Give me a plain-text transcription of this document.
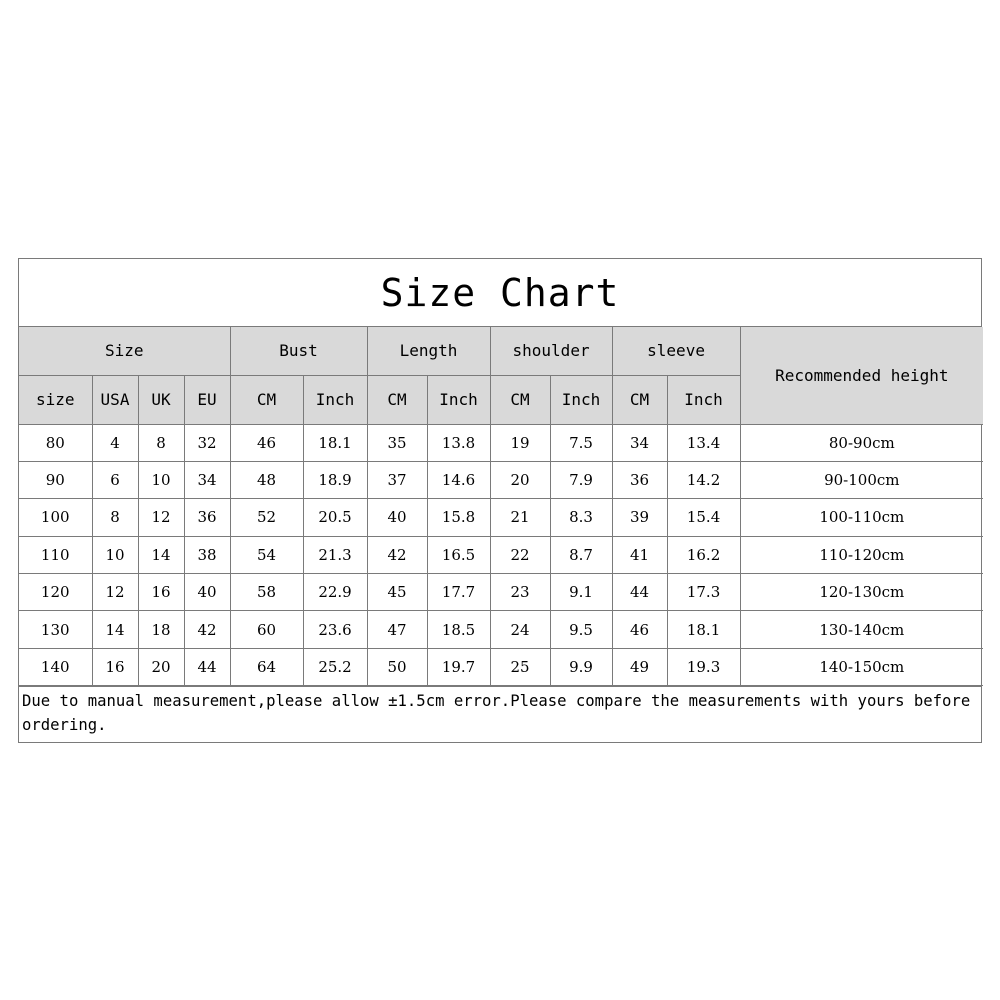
Size Chart
Size				Bust		Length		shoulder		sleeve		Recommended height
size	USA	UK	EU	CM	Inch	CM	Inch	CM	Inch	CM	Inch	
80	4	8	32	46	18.1	35	13.8	19	7.5	34	13.4	80-90cm
90	6	10	34	48	18.9	37	14.6	20	7.9	36	14.2	90-100cm
100	8	12	36	52	20.5	40	15.8	21	8.3	39	15.4	100-110cm
110	10	14	38	54	21.3	42	16.5	22	8.7	41	16.2	110-120cm
120	12	16	40	58	22.9	45	17.7	23	9.1	44	17.3	120-130cm
130	14	18	42	60	23.6	47	18.5	24	9.5	46	18.1	130-140cm
140	16	20	44	64	25.2	50	19.7	25	9.9	49	19.3	140-150cm
Due to manual measurement,please allow ±1.5cm error.Please compare the measurements with yours before ordering.
